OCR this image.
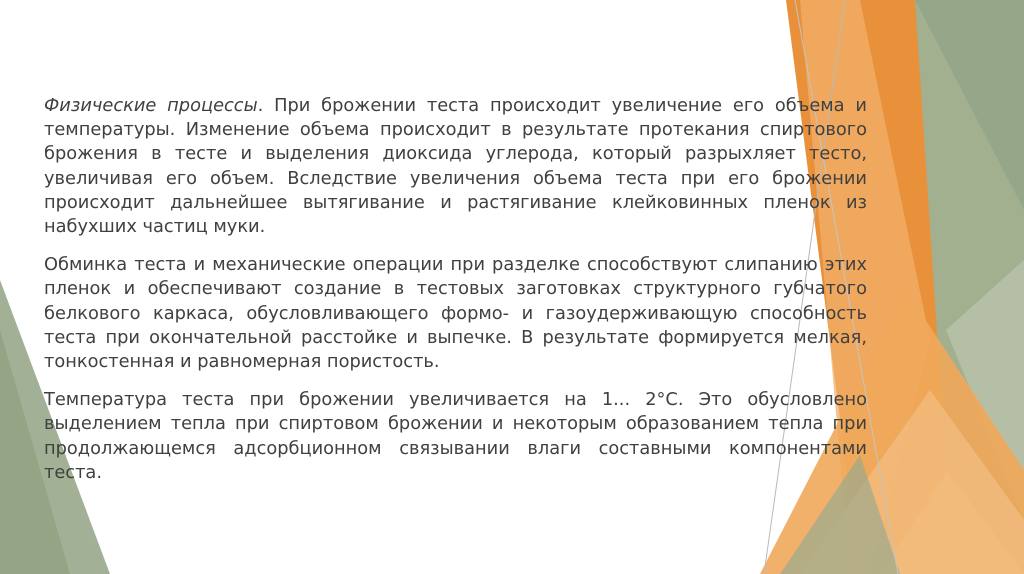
Физические процессы. При брожении теста происходит увеличение его объема и температуры. Изменение объема происходит в результате протекания спиртового брожения в тесте и выделения диоксида углерода, который разрыхляет тесто, увеличивая его объем. Вследствие увеличения объема теста при его брожении происходит дальнейшее вытягивание и растягивание клейковинных пленок из набухших частиц муки.

Обминка теста и механические операции при разделке способствуют слипанию этих пленок и обеспечивают создание в тестовых заготовках структурного губчатого белкового каркаса, обусловливающего формо- и газоудерживающую способность теста при окончательной расстойке и выпечке. В результате формируется мелкая, тонкостенная и равномерная пористость.

Температура теста при брожении увеличивается на 1... 2°С. Это обусловлено выделением тепла при спиртовом брожении и некоторым образованием тепла при продолжающемся адсорбционном связывании влаги составными компонентами теста.
